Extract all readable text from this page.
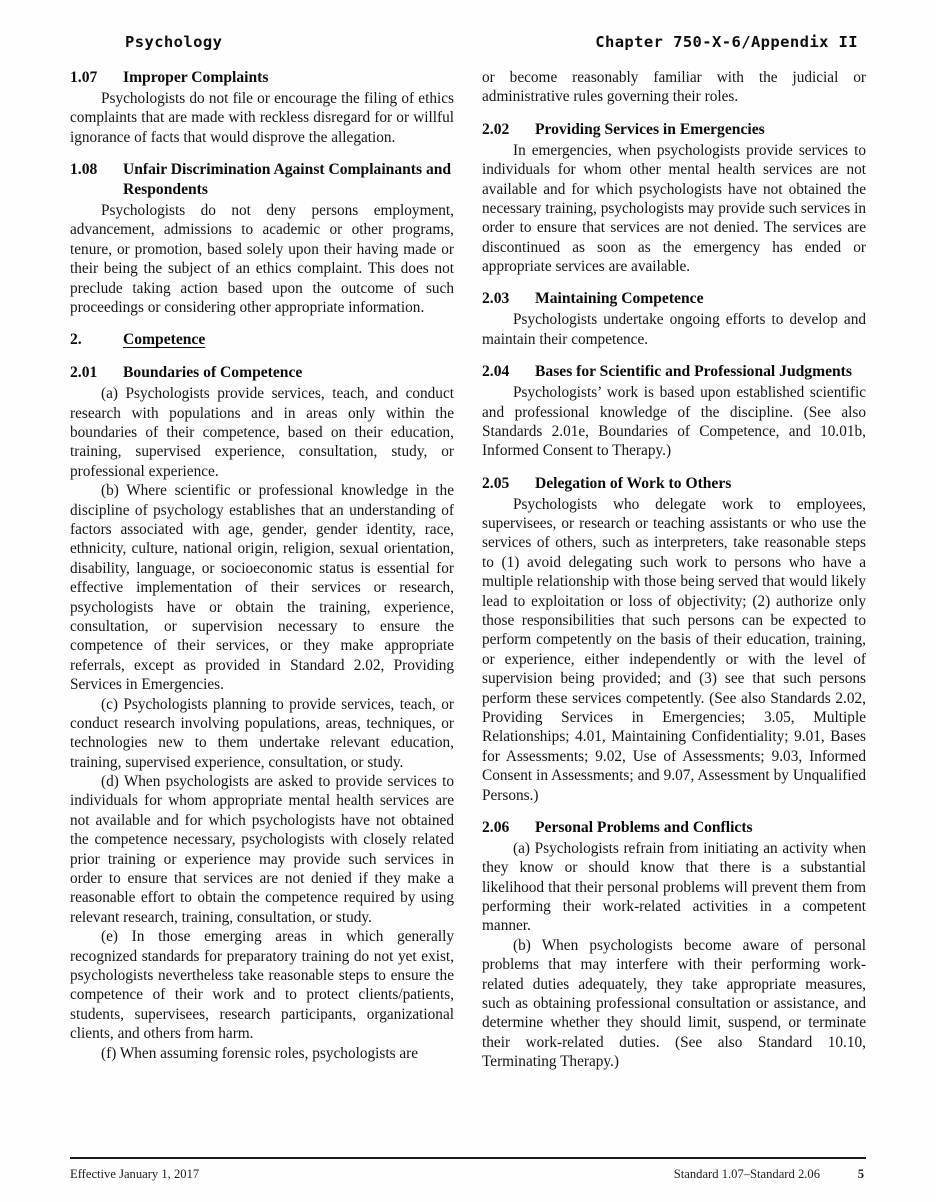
Psychology	Chapter 750-X-6/Appendix II
1.07	Improper Complaints

Psychologists do not file or encourage the filing of ethics complaints that are made with reckless disregard for or willful ignorance of facts that would disprove the allegation.

1.08	Unfair Discrimination Against Complainants and Respondents

Psychologists do not deny persons employment, advancement, admissions to academic or other programs, tenure, or promotion, based solely upon their having made or their being the subject of an ethics complaint. This does not preclude taking action based upon the outcome of such proceedings or considering other appropriate information.

2.	Competence
2.01	Boundaries of Competence

(a) Psychologists provide services, teach, and conduct research with populations and in areas only within the boundaries of their competence, based on their education, training, supervised experience, consultation, study, or professional experience.

(b) Where scientific or professional knowledge in the discipline of psychology establishes that an understanding of factors associated with age, gender, gender identity, race, ethnicity, culture, national origin, religion, sexual orientation, disability, language, or socioeconomic status is essential for effective implementation of their services or research, psychologists have or obtain the training, experience, consultation, or supervision necessary to ensure the competence of their services, or they make appropriate referrals, except as provided in Standard 2.02, Providing Services in Emergencies.

(c) Psychologists planning to provide services, teach, or conduct research involving populations, areas, techniques, or technologies new to them undertake relevant education, training, supervised experience, consultation, or study.

(d) When psychologists are asked to provide services to individuals for whom appropriate mental health services are not available and for which psychologists have not obtained the competence necessary, psychologists with closely related prior training or experience may provide such services in order to ensure that services are not denied if they make a reasonable effort to obtain the competence required by using relevant research, training, consultation, or study.

(e) In those emerging areas in which generally recognized standards for preparatory training do not yet exist, psychologists nevertheless take reasonable steps to ensure the competence of their work and to protect clients/patients, students, supervisees, research participants, organizational clients, and others from harm.

(f) When assuming forensic roles, psychologists are

or become reasonably familiar with the judicial or administrative rules governing their roles.

2.02	Providing Services in Emergencies

In emergencies, when psychologists provide services to individuals for whom other mental health services are not available and for which psychologists have not obtained the necessary training, psychologists may provide such services in order to ensure that services are not denied. The services are discontinued as soon as the emergency has ended or appropriate services are available.

2.03	Maintaining Competence

Psychologists undertake ongoing efforts to develop and maintain their competence.

2.04	Bases for Scientific and Professional Judgments

Psychologists’ work is based upon established scientific and professional knowledge of the discipline. (See also Standards 2.01e, Boundaries of Competence, and 10.01b, Informed Consent to Therapy.)

2.05	Delegation of Work to Others

Psychologists who delegate work to employees, supervisees, or research or teaching assistants or who use the services of others, such as interpreters, take reasonable steps to (1) avoid delegating such work to persons who have a multiple relationship with those being served that would likely lead to exploitation or loss of objectivity; (2) authorize only those responsibilities that such persons can be expected to perform competently on the basis of their education, training, or experience, either independently or with the level of supervision being provided; and (3) see that such persons perform these services competently. (See also Standards 2.02, Providing Services in Emergencies; 3.05, Multiple Relationships; 4.01, Maintaining Confidentiality; 9.01, Bases for Assessments; 9.02, Use of Assessments; 9.03, Informed Consent in Assessments; and 9.07, Assessment by Unqualified Persons.)

2.06	Personal Problems and Conflicts

(a) Psychologists refrain from initiating an activity when they know or should know that there is a substantial likelihood that their personal problems will prevent them from performing their work-related activities in a competent manner.

(b) When psychologists become aware of personal problems that may interfere with their performing work-related duties adequately, they take appropriate measures, such as obtaining professional consultation or assistance, and determine whether they should limit, suspend, or terminate their work-related duties. (See also Standard 10.10, Terminating Therapy.)

Effective January 1, 2017	Standard 1.07–Standard 2.06	5
